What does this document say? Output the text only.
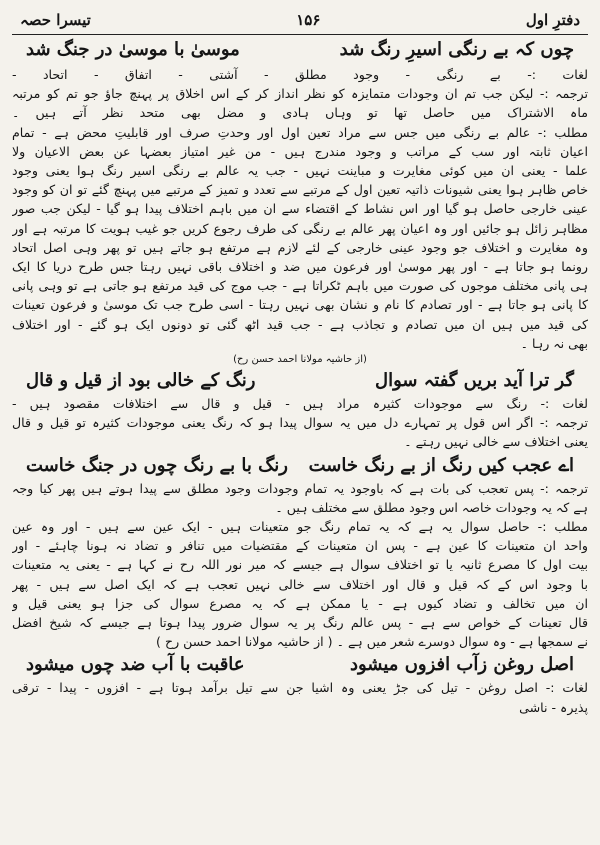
دفترِ اول
۱۵۶
تیسرا حصہ
چوں کہ بے رنگی اسیرِ رنگ شد
موسیٰ با موسیٰ در جنگ شد
لغات :- بے رنگی - وجود مطلق - آشتی - اتفاق - اتحاد -
ترجمہ :- لیکن جب تم ان وجودات متمایزہ کو نظر انداز کر کے اس اخلاق پر پہنچ جاؤ جو تم کو مرتبہ
ماہ الاشتراک میں حاصل تھا تو وہاں ہادی و مضل بھی متحد نظر آتے ہیں ۔
مطلب :- عالم بے رنگی میں جس سے مراد تعین اول اور وحدتِ صرف اور قابلیتِ محض ہے - تمام
اعیان ثابتہ اور سب کے مراتب و وجود مندرج ہیں - من غیر امتیاز بعضہا عن بعض الاعیان ولا
علما - یعنی ان میں کوئی مغایرت و مباینت نہیں - جب یہ عالم بے رنگی اسیر رنگ ہوا یعنی وجود
خاص ظاہر ہوا یعنی شیونات ذاتیہ تعین اول کے مرتبے سے تعدد و تمیز کے مرتبے میں پہنچ گئے تو ان کو وجود
عینی خارجی حاصل ہو گیا اور اس نشاط کے اقتضاء سے ان میں باہم اختلاف پیدا ہو گیا - لیکن جب صور
مظاہر زائل ہو جائیں اور وہ اعیان پھر عالم بے رنگی کی طرف رجوع کریں جو غیب ہویت کا مرتبہ ہے اور
وہ مغایرت و اختلاف جو وجود عینی خارجی کے لئے لازم ہے مرتفع ہو جاتے ہیں تو پھر وہی اصل اتحاد
رونما ہو جاتا ہے - اور پھر موسیٰ اور فرعون میں ضد و اختلاف باقی نہیں رہتا جس طرح دریا کا ایک
ہی پانی مختلف موجوں کی صورت میں باہم ٹکراتا ہے - جب موج کی قید مرتفع ہو جاتی ہے تو وہی پانی
کا پانی ہو جاتا ہے - اور تصادم کا نام و نشان بھی نہیں رہتا - اسی طرح جب تک موسیٰ و فرعون تعینات
کی قید میں ہیں ان میں تصادم و تجاذب ہے - جب قید اٹھ گئی تو دونوں ایک ہو گئے - اور اختلاف
بھی نہ رہا ۔
(از حاشیہ مولانا احمد حسن رح)
گر ترا آید بریں گفتہ سوال
رنگ کے خالی بود از قیل و قال
لغات :- رنگ سے موجودات کثیرہ مراد ہیں - قیل و قال سے اختلافات مقصود ہیں -
ترجمہ :- اگر اس قول پر تمہارے دل میں یہ سوال پیدا ہو کہ رنگ یعنی موجودات کثیرہ تو قیل و قال
یعنی اختلاف سے خالی نہیں رہتے ۔
اے عجب کیں رنگ از بے رنگ خاست
رنگ با بے رنگ چوں در جنگ خاست
ترجمہ :- پس تعجب کی بات ہے کہ باوجود یہ تمام وجودات وجود مطلق سے پیدا ہوتے ہیں پھر کیا وجہ
ہے کہ یہ وجودات خاصہ اس وجود مطلق سے مختلف ہیں ۔
مطلب :- حاصل سوال یہ ہے کہ یہ تمام رنگ جو متعینات ہیں - ایک عین سے ہیں - اور وہ عین
واحد ان متعینات کا عین ہے - پس ان متعینات کے مقتضیات میں تنافر و تضاد نہ ہونا چاہئے - اور
بیت اول کا مصرع ثانیہ یا تو اختلاف سوال ہے جیسے کہ میر نور اللہ رح نے کہا ہے - یعنی یہ متعینات
با وجود اس کے کہ قیل و قال اور اختلاف سے خالی نہیں تعجب ہے کہ ایک اصل سے ہیں - پھر
ان میں تخالف و تضاد کیوں ہے - یا ممکن ہے کہ یہ مصرع سوال کی جزا ہو یعنی قیل و
قال تعینات کے خواص سے ہے - پس عالم رنگ پر یہ سوال ضرور پیدا ہوتا ہے جیسے کہ شیخ افضل
نے سمجھا ہے - وہ سوال دوسرے شعر میں ہے ۔ ( از حاشیہ مولانا احمد حسن رح )
اصل روغن زآب افزوں میشود
عاقبت با آب ضد چوں میشود
لغات :- اصل روغن - تیل کی جڑ یعنی وہ اشیا جن سے تیل برآمد ہوتا ہے - افزوں - پیدا - ترقی
پذیرہ - ناشی
